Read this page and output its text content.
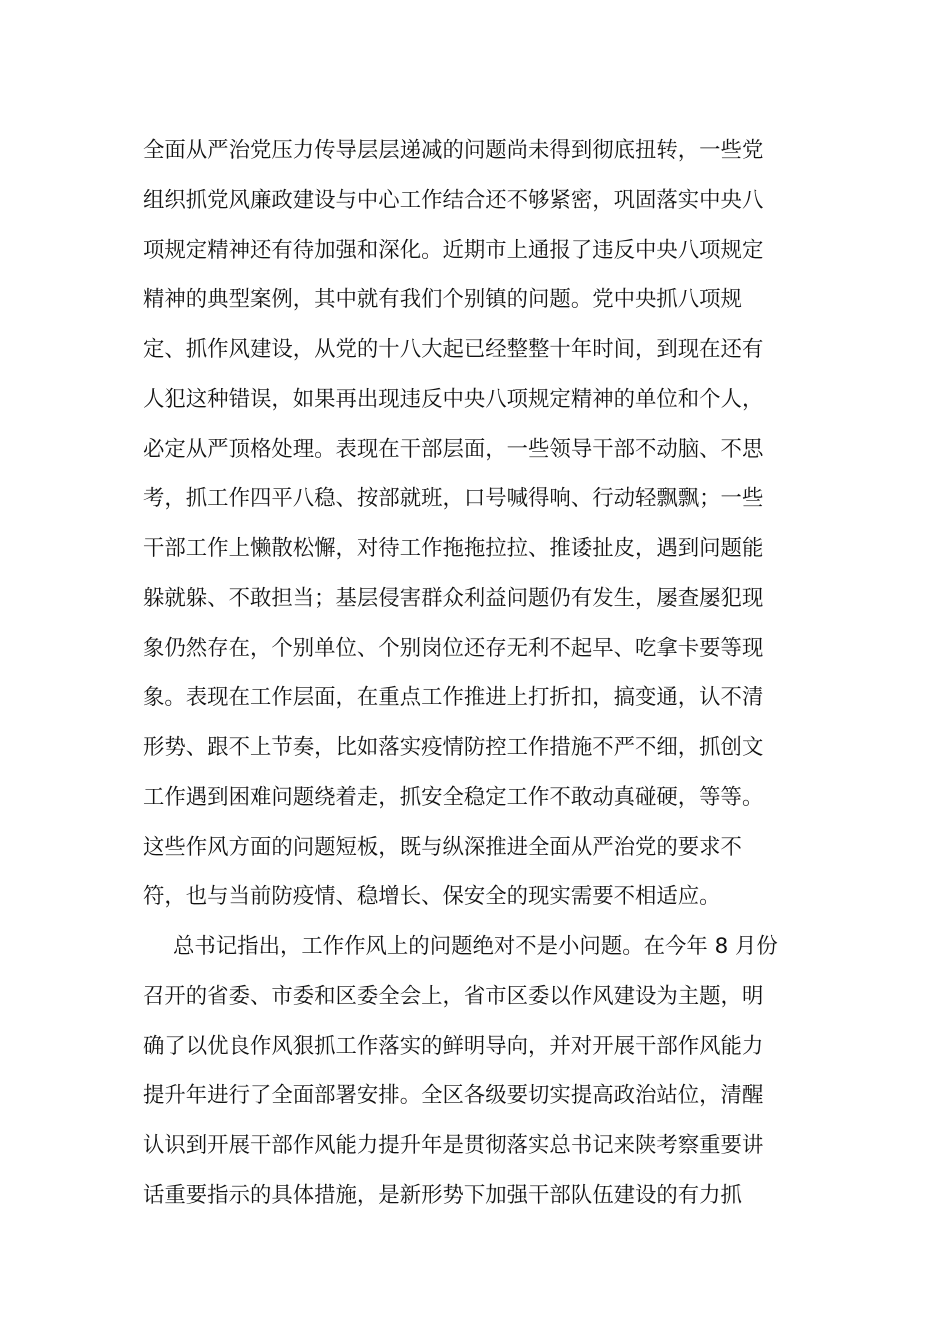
全面从严治党压力传导层层递减的问题尚未得到彻底扭转，一些党
组织抓党风廉政建设与中心工作结合还不够紧密，巩固落实中央八
项规定精神还有待加强和深化。近期市上通报了违反中央八项规定
精神的典型案例，其中就有我们个别镇的问题。党中央抓八项规
定、抓作风建设，从党的十八大起已经整整十年时间，到现在还有
人犯这种错误，如果再出现违反中央八项规定精神的单位和个人，
必定从严顶格处理。表现在干部层面，一些领导干部不动脑、不思
考，抓工作四平八稳、按部就班，口号喊得响、行动轻飘飘；一些
干部工作上懒散松懈，对待工作拖拖拉拉、推诿扯皮，遇到问题能
躲就躲、不敢担当；基层侵害群众利益问题仍有发生，屡查屡犯现
象仍然存在，个别单位、个别岗位还存无利不起早、吃拿卡要等现
象。表现在工作层面，在重点工作推进上打折扣，搞变通，认不清
形势、跟不上节奏，比如落实疫情防控工作措施不严不细，抓创文
工作遇到困难问题绕着走，抓安全稳定工作不敢动真碰硬，等等。
这些作风方面的问题短板，既与纵深推进全面从严治党的要求不
符，也与当前防疫情、稳增长、保安全的现实需要不相适应。
总书记指出，工作作风上的问题绝对不是小问题。在今年 8 月份
召开的省委、市委和区委全会上，省市区委以作风建设为主题，明
确了以优良作风狠抓工作落实的鲜明导向，并对开展干部作风能力
提升年进行了全面部署安排。全区各级要切实提高政治站位，清醒
认识到开展干部作风能力提升年是贯彻落实总书记来陕考察重要讲
话重要指示的具体措施，是新形势下加强干部队伍建设的有力抓
